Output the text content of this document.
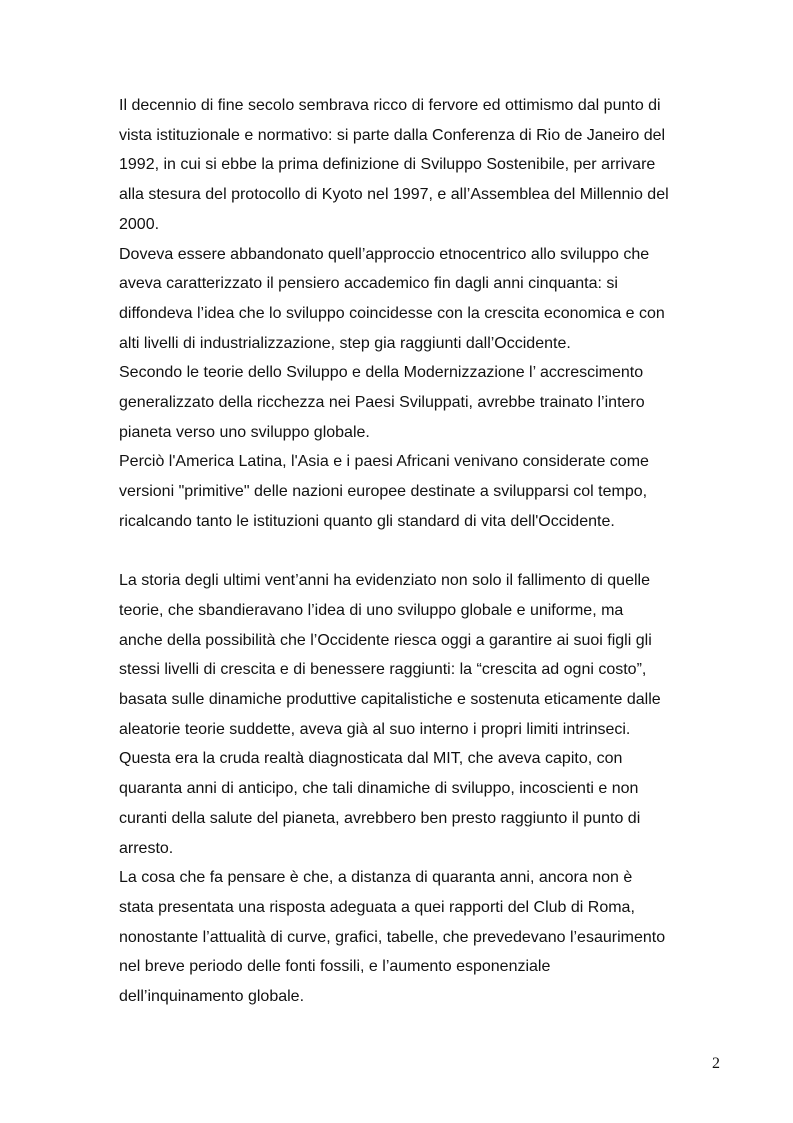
Il decennio di fine secolo sembrava ricco di fervore ed ottimismo dal punto di
vista istituzionale e normativo: si parte dalla Conferenza di Rio de Janeiro del
1992, in cui si ebbe la prima definizione di Sviluppo Sostenibile, per arrivare
alla stesura del protocollo di Kyoto nel 1997, e all’Assemblea del Millennio del
2000.

Doveva essere abbandonato quell’approccio etnocentrico allo sviluppo che
aveva caratterizzato il pensiero accademico fin dagli anni cinquanta: si
diffondeva l’idea che lo sviluppo coincidesse con la crescita economica e con
alti livelli di industrializzazione, step gia raggiunti dall’Occidente.

Secondo le teorie dello Sviluppo e della Modernizzazione l’ accrescimento
generalizzato della ricchezza nei Paesi Sviluppati, avrebbe trainato l’intero
pianeta verso uno sviluppo globale.

Perciò l'America Latina, l'Asia e i paesi Africani venivano considerate come
versioni "primitive" delle nazioni europee destinate a svilupparsi col tempo,
ricalcando tanto le istituzioni quanto gli standard di vita dell'Occidente.

La storia degli ultimi vent’anni ha evidenziato non solo il fallimento di quelle
teorie, che sbandieravano l’idea di uno sviluppo globale e uniforme, ma
anche della possibilità che l’Occidente riesca oggi a garantire ai suoi figli gli
stessi livelli di crescita e di benessere raggiunti: la “crescita ad ogni costo”,
basata sulle dinamiche produttive capitalistiche e sostenuta eticamente dalle
aleatorie teorie suddette, aveva già al suo interno i propri limiti intrinseci.

Questa era la cruda realtà diagnosticata dal MIT, che aveva capito, con
quaranta anni di anticipo, che tali dinamiche di sviluppo, incoscienti e non
curanti della salute del pianeta, avrebbero ben presto raggiunto il punto di
arresto.

La cosa che fa pensare è che, a distanza di quaranta anni, ancora non è
stata presentata una risposta adeguata a quei rapporti del Club di Roma,
nonostante l’attualità di curve, grafici, tabelle, che prevedevano l’esaurimento
nel breve periodo delle fonti fossili, e l’aumento esponenziale
dell’inquinamento globale.

2
